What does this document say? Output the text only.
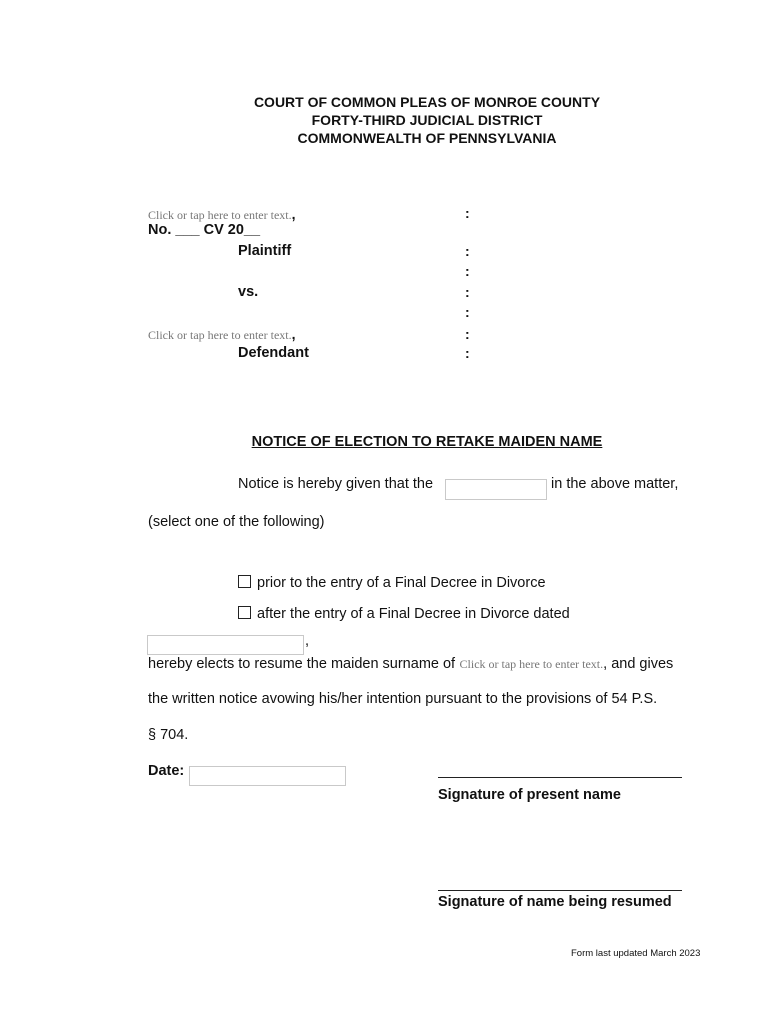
COURT OF COMMON PLEAS OF MONROE COUNTY
FORTY-THIRD JUDICIAL DISTRICT
COMMONWEALTH OF PENNSYLVANIA
Click or tap here to enter text.,	:
No. ___ CV 20__
Plaintiff	:
:
vs.	:
:
Click or tap here to enter text.,	:
Defendant	:
NOTICE OF ELECTION TO RETAKE MAIDEN NAME
Notice is hereby given that the	in the above matter,
(select one of the following)
prior to the entry of a Final Decree in Divorce
after the entry of a Final Decree in Divorce dated
,
hereby elects to resume the maiden surname of Click or tap here to enter text., and gives
the written notice avowing his/her intention pursuant to the provisions of 54 P.S.
§ 704.
Date:
Signature of present name
Signature of name being resumed
Form last updated March 2023
